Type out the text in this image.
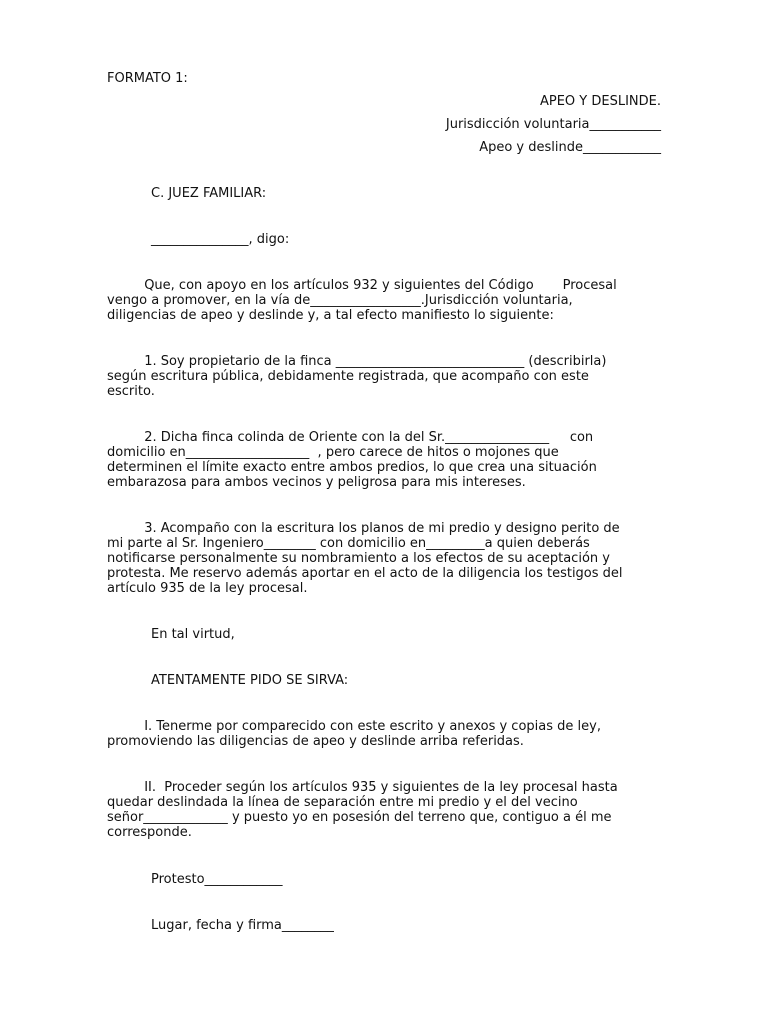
FORMATO 1:
APEO Y DESLINDE.
Jurisdicción voluntaria___________
Apeo y deslinde____________
C. JUEZ FAMILIAR:
_______________, digo:
Que, con apoyo en los artículos 932 y siguientes del Código       Procesal
vengo a promover, en la vía de_________________.Jurisdicción voluntaria,
diligencias de apeo y deslinde y, a tal efecto manifiesto lo siguiente:
1. Soy propietario de la finca _____________________________ (describirla)
según escritura pública, debidamente registrada, que acompaño con este
escrito.
2. Dicha finca colinda de Oriente con la del Sr.________________     con
domicilio en___________________  , pero carece de hitos o mojones que
determinen el límite exacto entre ambos predios, lo que crea una situación
embarazosa para ambos vecinos y peligrosa para mis intereses.
3. Acompaño con la escritura los planos de mi predio y designo perito de
mi parte al Sr. Ingeniero________ con domicilio en_________a quien deberás
notificarse personalmente su nombramiento a los efectos de su aceptación y
protesta. Me reservo además aportar en el acto de la diligencia los testigos del
artículo 935 de la ley procesal.
En tal virtud,
ATENTAMENTE PIDO SE SIRVA:
I. Tenerme por comparecido con este escrito y anexos y copias de ley,
promoviendo las diligencias de apeo y deslinde arriba referidas.
II.  Proceder según los artículos 935 y siguientes de la ley procesal hasta
quedar deslindada la línea de separación entre mi predio y el del vecino
señor_____________ y puesto yo en posesión del terreno que, contiguo a él me
corresponde.
Protesto____________
Lugar, fecha y firma________
